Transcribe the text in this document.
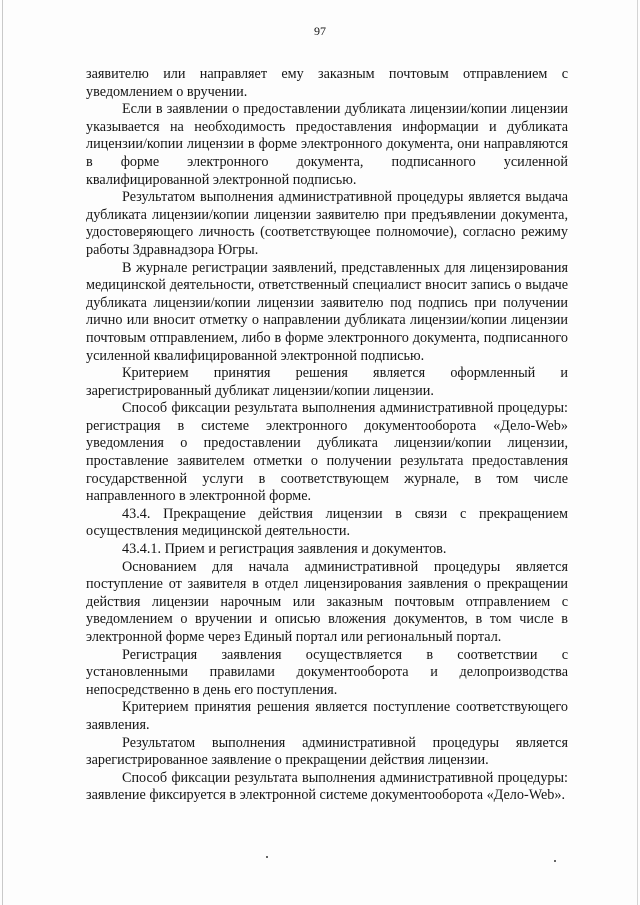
97

заявителю или направляет ему заказным почтовым отправлением с уведомлением о вручении.

Если в заявлении о предоставлении дубликата лицензии/копии лицензии указывается на необходимость предоставления информации и дубликата лицензии/копии лицензии в форме электронного документа, они направляются в форме электронного документа, подписанного усиленной квалифицированной электронной подписью.

Результатом выполнения административной процедуры является выдача дубликата лицензии/копии лицензии заявителю при предъявлении документа, удостоверяющего личность (соответствующее полномочие), согласно режиму работы Здравнадзора Югры.

В журнале регистрации заявлений, представленных для лицензирования медицинской деятельности, ответственный специалист вносит запись о выдаче дубликата лицензии/копии лицензии заявителю под подпись при получении лично или вносит отметку о направлении дубликата лицензии/копии лицензии почтовым отправлением, либо в форме электронного документа, подписанного усиленной квалифицированной электронной подписью.

Критерием принятия решения является оформленный и зарегистрированный дубликат лицензии/копии лицензии.

Способ фиксации результата выполнения административной процедуры: регистрация в системе электронного документооборота «Дело-Web» уведомления о предоставлении дубликата лицензии/копии лицензии, проставление заявителем отметки о получении результата предоставления государственной услуги в соответствующем журнале, в том числе направленного в электронной форме.

43.4. Прекращение действия лицензии в связи с прекращением осуществления медицинской деятельности.

43.4.1. Прием и регистрация заявления и документов.

Основанием для начала административной процедуры является поступление от заявителя в отдел лицензирования заявления о прекращении действия лицензии нарочным или заказным почтовым отправлением с уведомлением о вручении и описью вложения документов, в том числе в электронной форме через Единый портал или региональный портал.

Регистрация заявления осуществляется в соответствии с установленными правилами документооборота и делопроизводства непосредственно в день его поступления.

Критерием принятия решения является поступление соответствующего заявления.

Результатом выполнения административной процедуры является зарегистрированное заявление о прекращении действия лицензии.

Способ фиксации результата выполнения административной процедуры: заявление фиксируется в электронной системе документооборота «Дело-Web».
